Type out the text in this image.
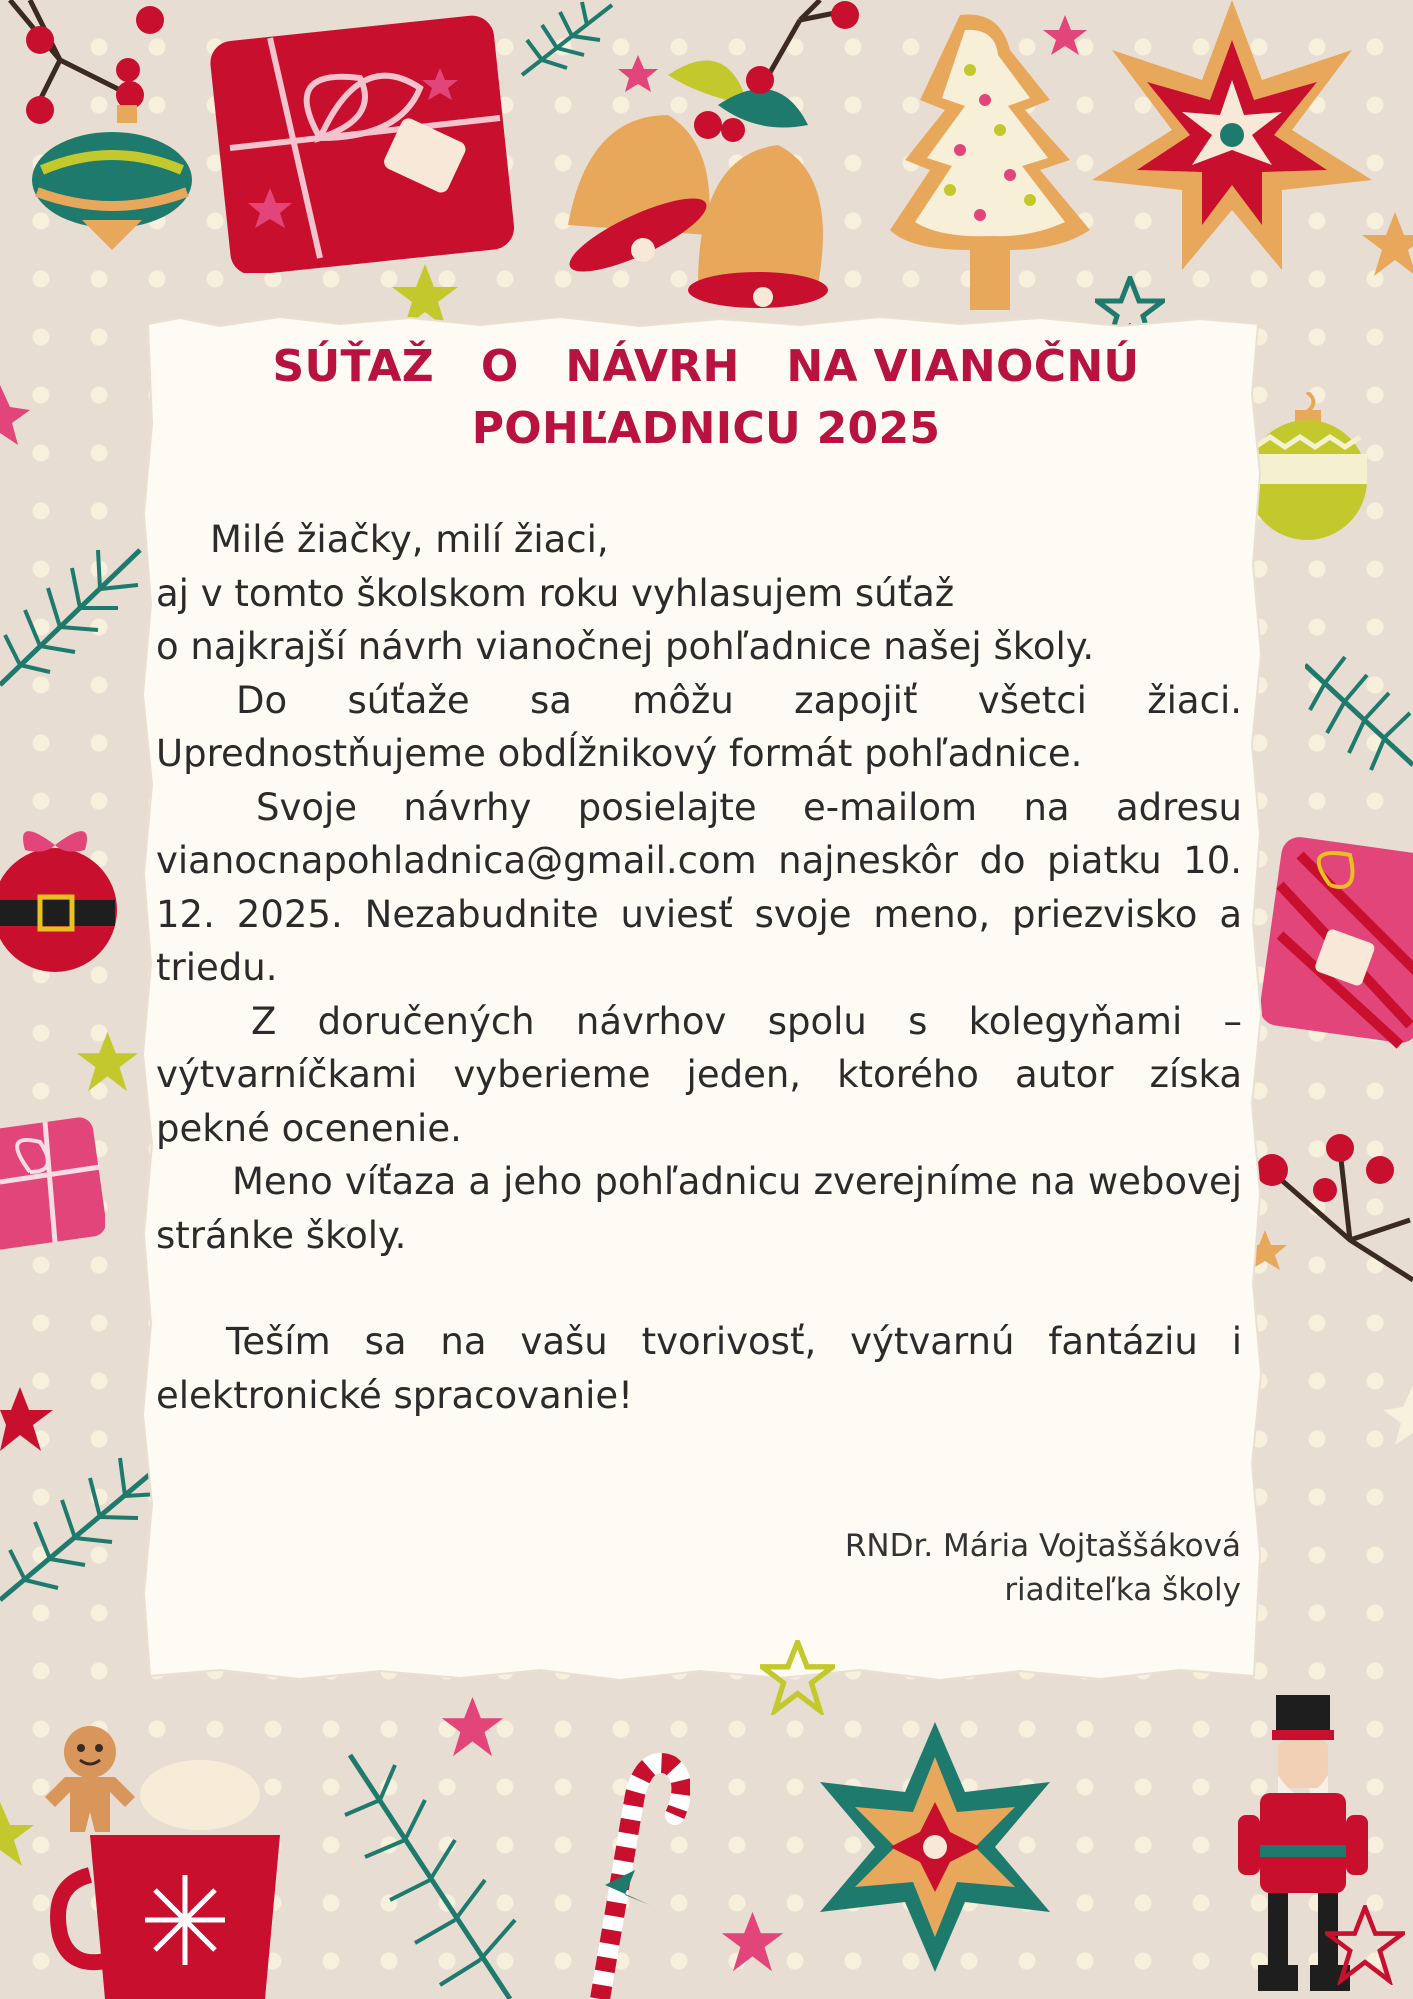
SÚŤAŽ   O   NÁVRH   NA VIANOČNÚ
POHĽADNICU 2025

Milé žiačky, milí žiaci,

aj v tomto školskom roku vyhlasujem súťaž

o najkrajší návrh vianočnej pohľadnice našej školy.

Do súťaže sa môžu zapojiť všetci žiaci. Uprednostňujeme obdĺžnikový formát pohľadnice.

Svoje návrhy posielajte e-mailom na adresu vianocnapohladnica@gmail.com najneskôr do piatku 10. 12. 2025. Nezabudnite uviesť svoje meno, priezvisko a triedu.

Z doručených návrhov spolu s kolegyňami – výtvarníčkami vyberieme jeden, ktorého autor získa pekné ocenenie.

Meno víťaza a jeho pohľadnicu zverejníme na webovej stránke školy.

Teším sa na vašu tvorivosť, výtvarnú fantáziu i elektronické spracovanie!

RNDr. Mária Vojtaššáková
riaditeľka školy
